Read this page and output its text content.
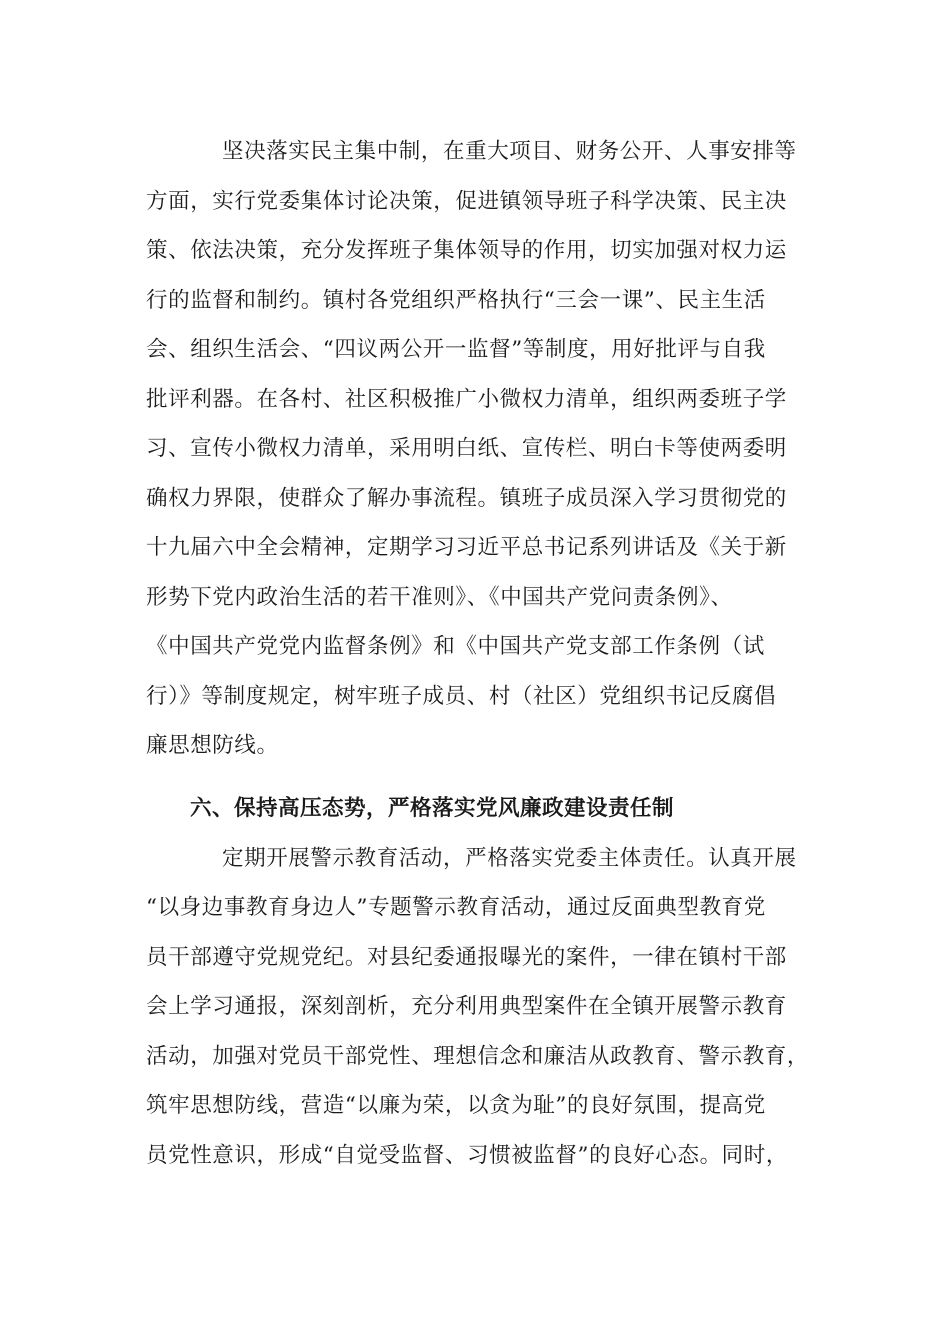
坚决落实民主集中制，在重大项目、财务公开、人事安排等
方面，实行党委集体讨论决策，促进镇领导班子科学决策、民主决
策、依法决策，充分发挥班子集体领导的作用，切实加强对权力运
行的监督和制约。镇村各党组织严格执行“三会一课”、民主生活
会、组织生活会、“四议两公开一监督”等制度，用好批评与自我
批评利器。在各村、社区积极推广小微权力清单，组织两委班子学
习、宣传小微权力清单，采用明白纸、宣传栏、明白卡等使两委明
确权力界限，使群众了解办事流程。镇班子成员深入学习贯彻党的
十九届六中全会精神，定期学习习近平总书记系列讲话及《关于新
形势下党内政治生活的若干准则》、《中国共产党问责条例》、
《中国共产党党内监督条例》和《中国共产党支部工作条例（试
行）》等制度规定，树牢班子成员、村（社区）党组织书记反腐倡
廉思想防线。
六、保持高压态势，严格落实党风廉政建设责任制
定期开展警示教育活动，严格落实党委主体责任。认真开展
“以身边事教育身边人”专题警示教育活动，通过反面典型教育党
员干部遵守党规党纪。对县纪委通报曝光的案件，一律在镇村干部
会上学习通报，深刻剖析，充分利用典型案件在全镇开展警示教育
活动，加强对党员干部党性、理想信念和廉洁从政教育、警示教育，
筑牢思想防线，营造“以廉为荣，以贪为耻”的良好氛围，提高党
员党性意识，形成“自觉受监督、习惯被监督”的良好心态。同时，
